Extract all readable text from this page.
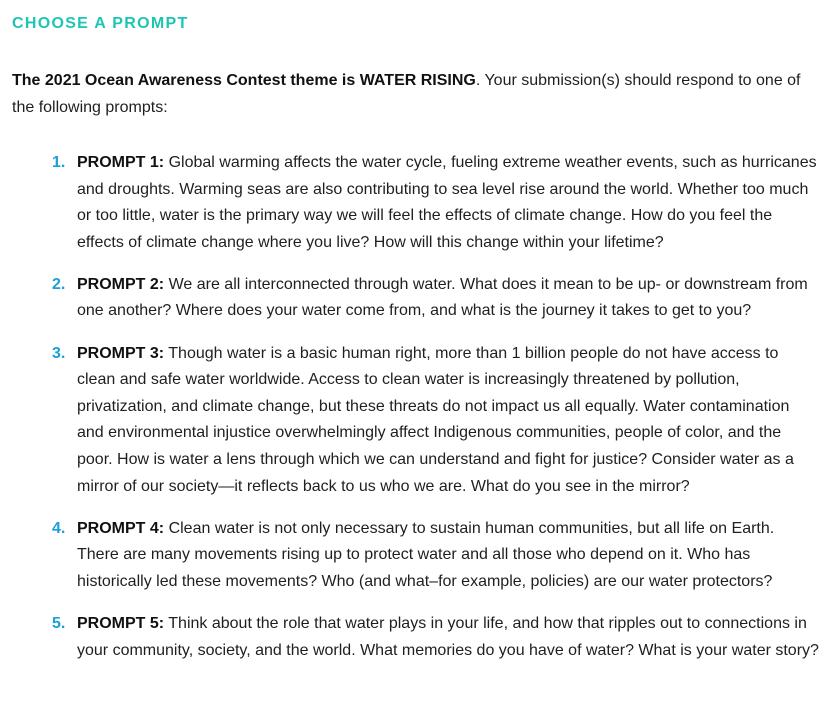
CHOOSE A PROMPT

The 2021 Ocean Awareness Contest theme is WATER RISING. Your submission(s) should respond to one of the following prompts:

1. PROMPT 1: Global warming affects the water cycle, fueling extreme weather events, such as hurricanes and droughts. Warming seas are also contributing to sea level rise around the world. Whether too much or too little, water is the primary way we will feel the effects of climate change. How do you feel the effects of climate change where you live? How will this change within your lifetime?
2. PROMPT 2: We are all interconnected through water. What does it mean to be up- or downstream from one another? Where does your water come from, and what is the journey it takes to get to you?
3. PROMPT 3: Though water is a basic human right, more than 1 billion people do not have access to clean and safe water worldwide. Access to clean water is increasingly threatened by pollution, privatization, and climate change, but these threats do not impact us all equally. Water contamination and environmental injustice overwhelmingly affect Indigenous communities, people of color, and the poor. How is water a lens through which we can understand and fight for justice? Consider water as a mirror of our society—it reflects back to us who we are. What do you see in the mirror?
4. PROMPT 4: Clean water is not only necessary to sustain human communities, but all life on Earth. There are many movements rising up to protect water and all those who depend on it. Who has historically led these movements? Who (and what–for example, policies) are our water protectors?
5. PROMPT 5: Think about the role that water plays in your life, and how that ripples out to connections in your community, society, and the world. What memories do you have of water? What is your water story?
